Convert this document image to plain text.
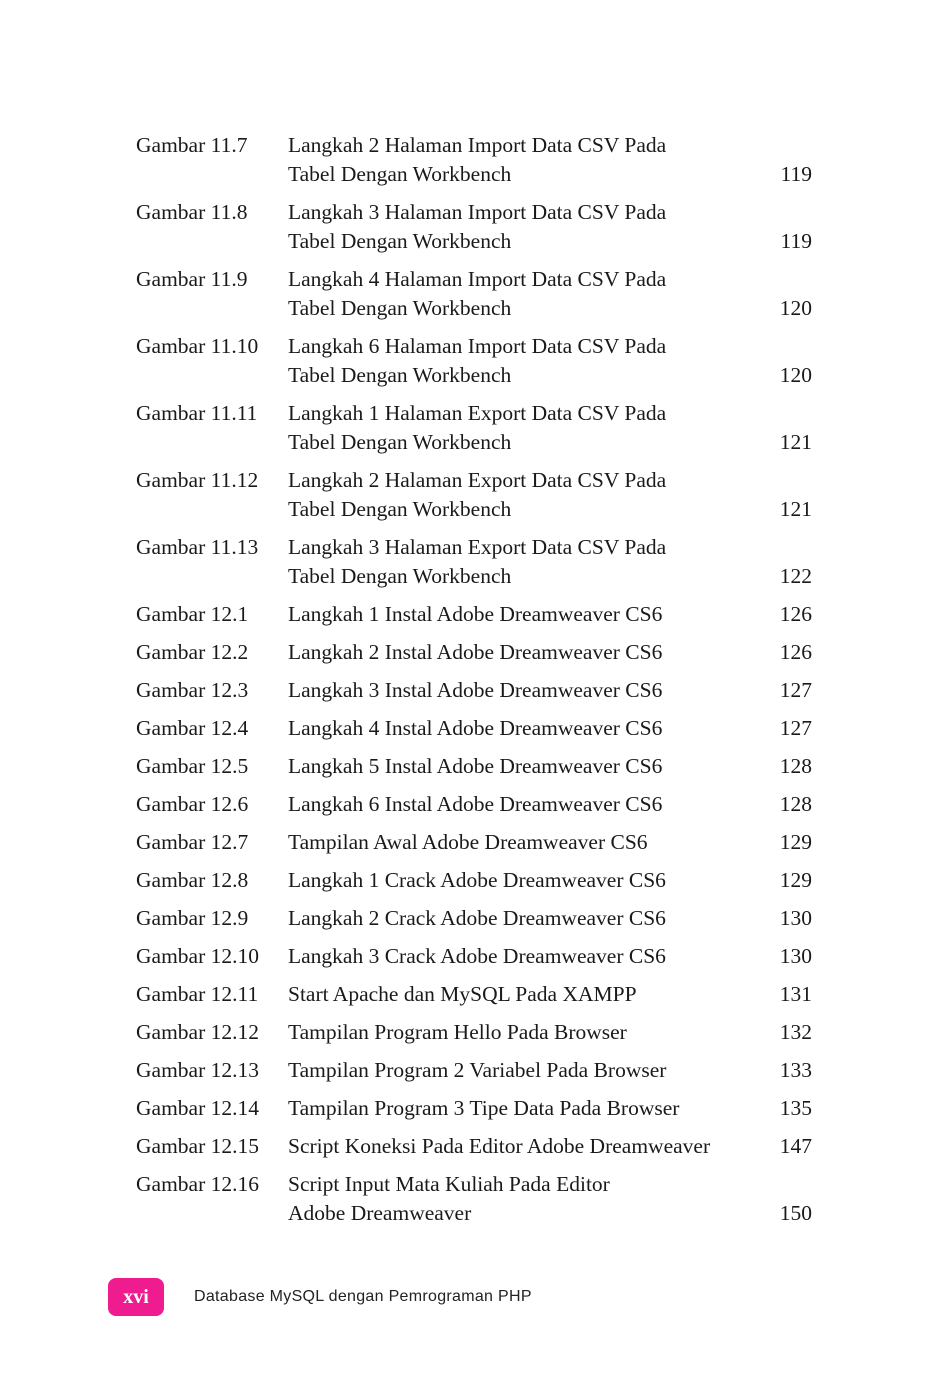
Gambar 11.7	Langkah 2 Halaman Import Data CSV Pada
Tabel Dengan Workbench	119
Gambar 11.8	Langkah 3 Halaman Import Data CSV Pada
Tabel Dengan Workbench	119
Gambar 11.9	Langkah 4 Halaman Import Data CSV Pada
Tabel Dengan Workbench	120
Gambar 11.10	Langkah 6 Halaman Import Data CSV Pada
Tabel Dengan Workbench	120
Gambar 11.11	Langkah 1 Halaman Export Data CSV Pada
Tabel Dengan Workbench	121
Gambar 11.12	Langkah 2 Halaman Export Data CSV Pada
Tabel Dengan Workbench	121
Gambar 11.13	Langkah 3 Halaman Export Data CSV Pada
Tabel Dengan Workbench	122
Gambar 12.1	Langkah 1 Instal Adobe Dreamweaver CS6	126
Gambar 12.2	Langkah 2 Instal Adobe Dreamweaver CS6	126
Gambar 12.3	Langkah 3 Instal Adobe Dreamweaver CS6	127
Gambar 12.4	Langkah 4 Instal Adobe Dreamweaver CS6	127
Gambar 12.5	Langkah 5 Instal Adobe Dreamweaver CS6	128
Gambar 12.6	Langkah 6 Instal Adobe Dreamweaver CS6	128
Gambar 12.7	Tampilan Awal Adobe Dreamweaver CS6	129
Gambar 12.8	Langkah 1 Crack Adobe Dreamweaver CS6	129
Gambar 12.9	Langkah 2 Crack Adobe Dreamweaver CS6	130
Gambar 12.10	Langkah 3 Crack Adobe Dreamweaver CS6	130
Gambar 12.11	Start Apache dan MySQL Pada XAMPP	131
Gambar 12.12	Tampilan Program Hello Pada Browser	132
Gambar 12.13	Tampilan Program 2 Variabel Pada Browser	133
Gambar 12.14	Tampilan Program 3 Tipe Data Pada Browser	135
Gambar 12.15	Script Koneksi Pada Editor Adobe Dreamweaver	147
Gambar 12.16	Script Input Mata Kuliah Pada Editor
Adobe Dreamweaver	150
xvi	Database MySQL dengan Pemrograman PHP
